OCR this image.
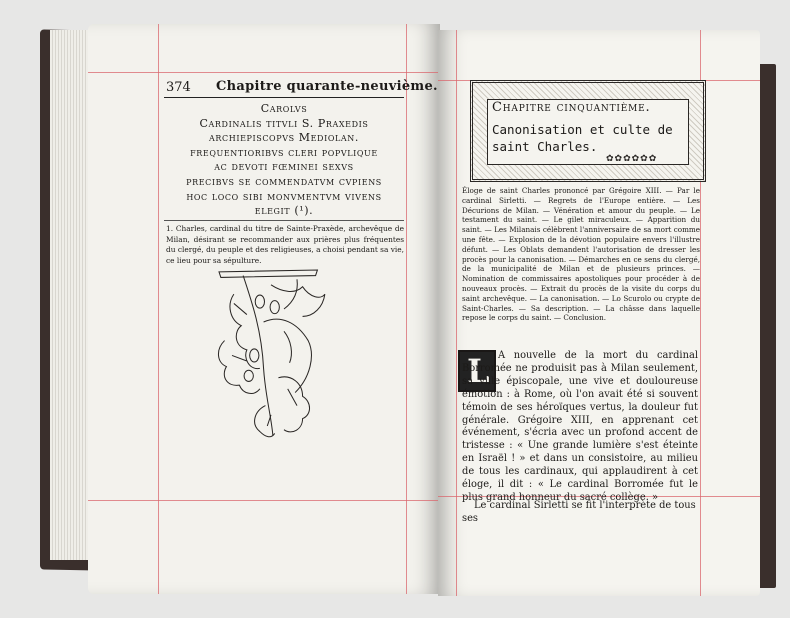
374 Chapitre quarante-neuvième.
Carolvs
Cardinalis titvli S. Praxedis
archiepiscopvs Mediolan.
frequentioribvs cleri popvlique
ac devoti fœminei sexvs
precibvs se commendatvm cvpiens
hoc loco sibi monvmentvm vivens
elegit (¹).
1. Charles, cardinal du titre de Sainte-Praxède, archevêque de Milan, désirant se recommander aux prières plus fréquentes du clergé, du peuple et des religieuses, a choisi pendant sa vie, ce lieu pour sa sépulture.
Chapitre cinquantième.
Canonisation et culte de saint Charles.
✿✿✿✿✿✿
Éloge de saint Charles prononcé par Grégoire XIII. — Par le cardinal Sirletti. — Regrets de l'Europe entière. — Les Décurions de Milan. — Vénération et amour du peuple. — Le testament du saint. — Le gilet miraculeux. — Apparition du saint. — Les Milanais célèbrent l'anniversaire de sa mort comme une fête. — Explosion de la dévotion populaire envers l'illustre défunt. — Les Oblats demandent l'autorisation de dresser les procès pour la canonisation. — Démarches en ce sens du clergé, de la municipalité de Milan et de plusieurs princes. — Nomination de commissaires apostoliques pour procéder à de nouveaux procès. — Extrait du procès de la visite du corps du saint archevêque. — La canonisation. — Lo Scurolo ou crypte de Saint-Charles. — Sa description. — La châsse dans laquelle repose le corps du saint. — Conclusion.
L A nouvelle de la mort du cardinal Borromée ne produisit pas à Milan seulement, sa ville épiscopale, une vive et douloureuse émotion : à Rome, où l'on avait été si souvent témoin de ses héroïques vertus, la douleur fut générale. Grégoire XIII, en apprenant cet événement, s'écria avec un profond accent de tristesse : « Une grande lumière s'est éteinte en Israël ! » et dans un consistoire, au milieu de tous les cardinaux, qui applaudirent à cet éloge, il dit : « Le cardinal Borromée fut le plus grand honneur du sacré collège. »
Le cardinal Sirletti se fit l'interprète de tous ses
